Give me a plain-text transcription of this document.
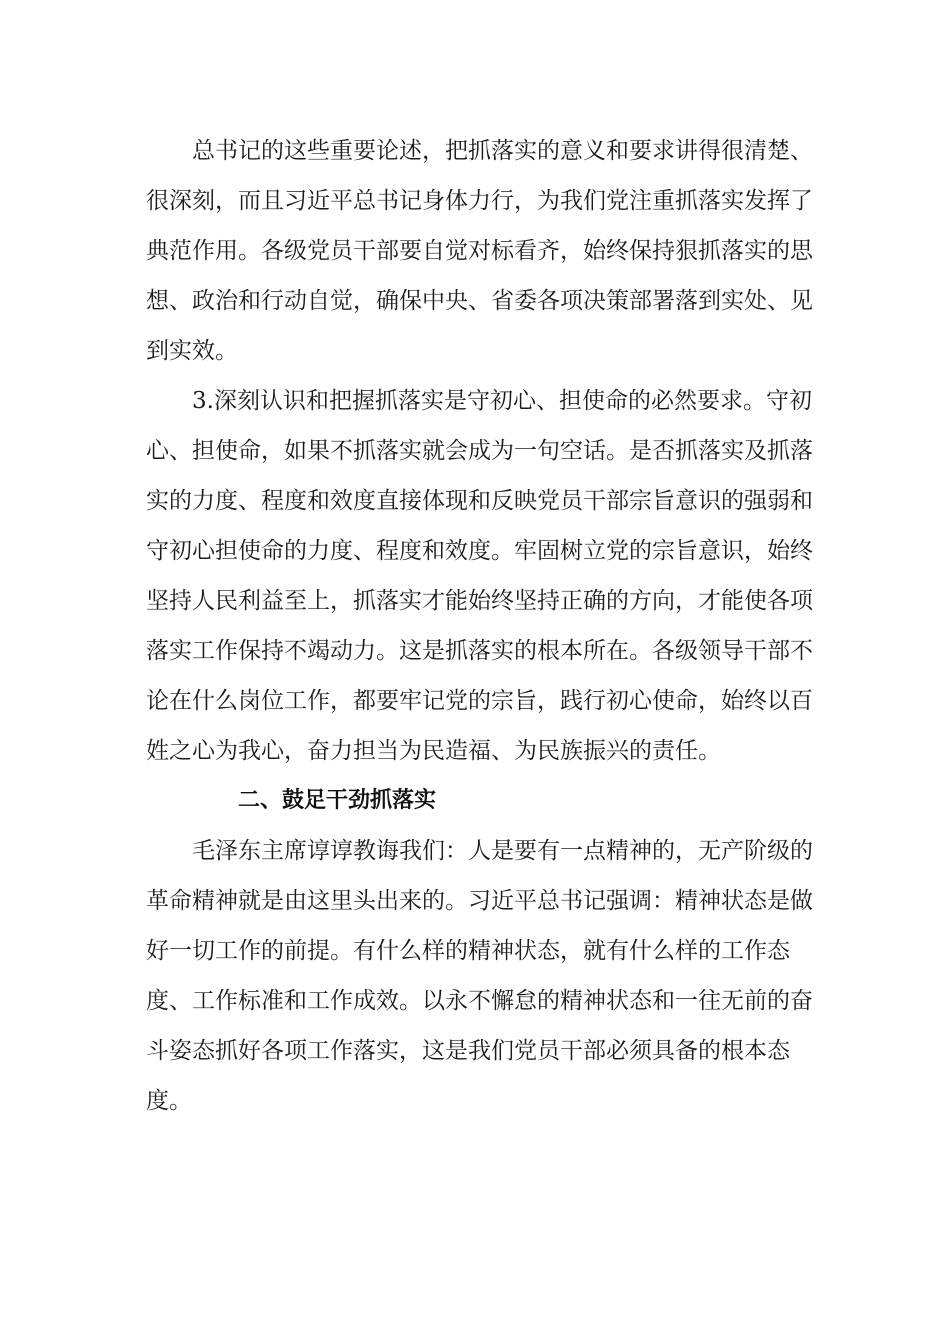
总书记的这些重要论述，把抓落实的意义和要求讲得很清楚、
很深刻，而且习近平总书记身体力行，为我们党注重抓落实发挥了
典范作用。各级党员干部要自觉对标看齐，始终保持狠抓落实的思
想、政治和行动自觉，确保中央、省委各项决策部署落到实处、见
到实效。
3.深刻认识和把握抓落实是守初心、担使命的必然要求。守初
心、担使命，如果不抓落实就会成为一句空话。是否抓落实及抓落
实的力度、程度和效度直接体现和反映党员干部宗旨意识的强弱和
守初心担使命的力度、程度和效度。牢固树立党的宗旨意识，始终
坚持人民利益至上，抓落实才能始终坚持正确的方向，才能使各项
落实工作保持不竭动力。这是抓落实的根本所在。各级领导干部不
论在什么岗位工作，都要牢记党的宗旨，践行初心使命，始终以百
姓之心为我心，奋力担当为民造福、为民族振兴的责任。
二、鼓足干劲抓落实
毛泽东主席谆谆教诲我们：人是要有一点精神的，无产阶级的
革命精神就是由这里头出来的。习近平总书记强调：精神状态是做
好一切工作的前提。有什么样的精神状态，就有什么样的工作态
度、工作标准和工作成效。以永不懈怠的精神状态和一往无前的奋
斗姿态抓好各项工作落实，这是我们党员干部必须具备的根本态
度。
